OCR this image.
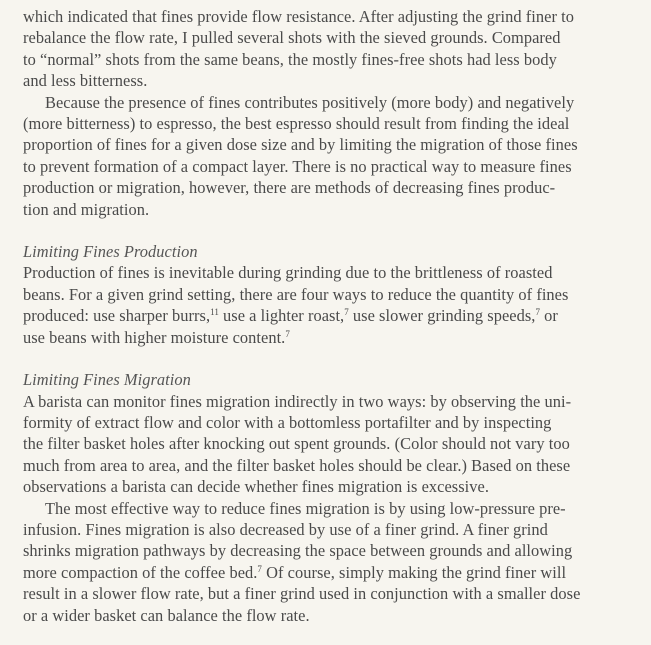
which indicated that fines provide flow resistance. After adjusting the grind finer to
rebalance the flow rate, I pulled several shots with the sieved grounds. Compared
to “normal” shots from the same beans, the mostly fines-free shots had less body
and less bitterness.
Because the presence of fines contributes positively (more body) and negatively
(more bitterness) to espresso, the best espresso should result from finding the ideal
proportion of fines for a given dose size and by limiting the migration of those fines
to prevent formation of a compact layer. There is no practical way to measure fines
production or migration, however, there are methods of decreasing fines produc-
tion and migration.
Limiting Fines Production
Production of fines is inevitable during grinding due to the brittleness of roasted
beans. For a given grind setting, there are four ways to reduce the quantity of fines
produced: use sharper burrs,$^{11}$ use a lighter roast,$^7$ use slower grinding speeds,$^7$ or
use beans with higher moisture content.$^7$
Limiting Fines Migration
A barista can monitor fines migration indirectly in two ways: by observing the uni-
formity of extract flow and color with a bottomless portafilter and by inspecting
the filter basket holes after knocking out spent grounds. (Color should not vary too
much from area to area, and the filter basket holes should be clear.) Based on these
observations a barista can decide whether fines migration is excessive.
The most effective way to reduce fines migration is by using low-pressure pre-
infusion. Fines migration is also decreased by use of a finer grind. A finer grind
shrinks migration pathways by decreasing the space between grounds and allowing
more compaction of the coffee bed.$^7$ Of course, simply making the grind finer will
result in a slower flow rate, but a finer grind used in conjunction with a smaller dose
or a wider basket can balance the flow rate.
